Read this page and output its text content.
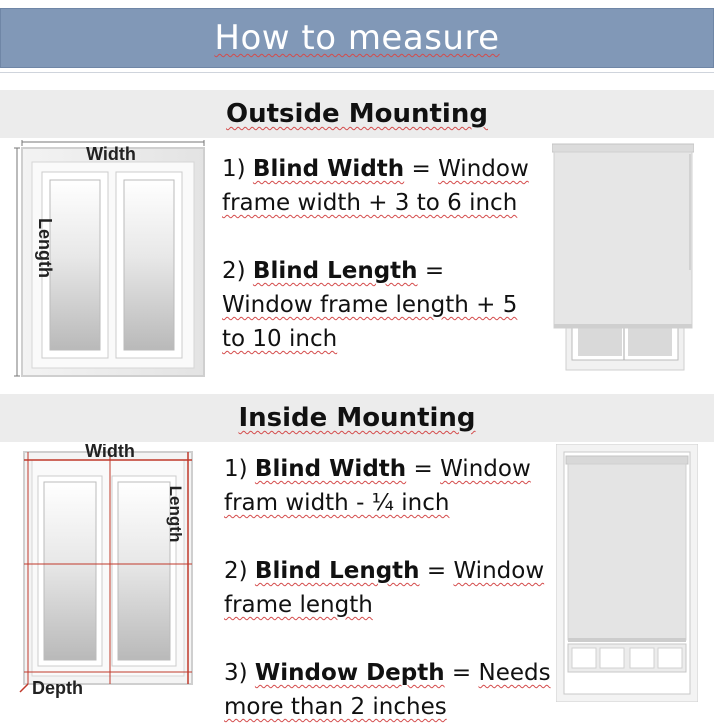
How to measure
Outside Mounting
Width
Length

1) Blind Width = Window frame width + 3 to 6 inch

2) Blind Length = Window frame length + 5 to 10 inch

Inside Mounting
Width
Length
Depth

1) Blind Width = Window fram width - ¼ inch

2) Blind Length = Window frame length

3) Window Depth = Needs more than 2 inches
